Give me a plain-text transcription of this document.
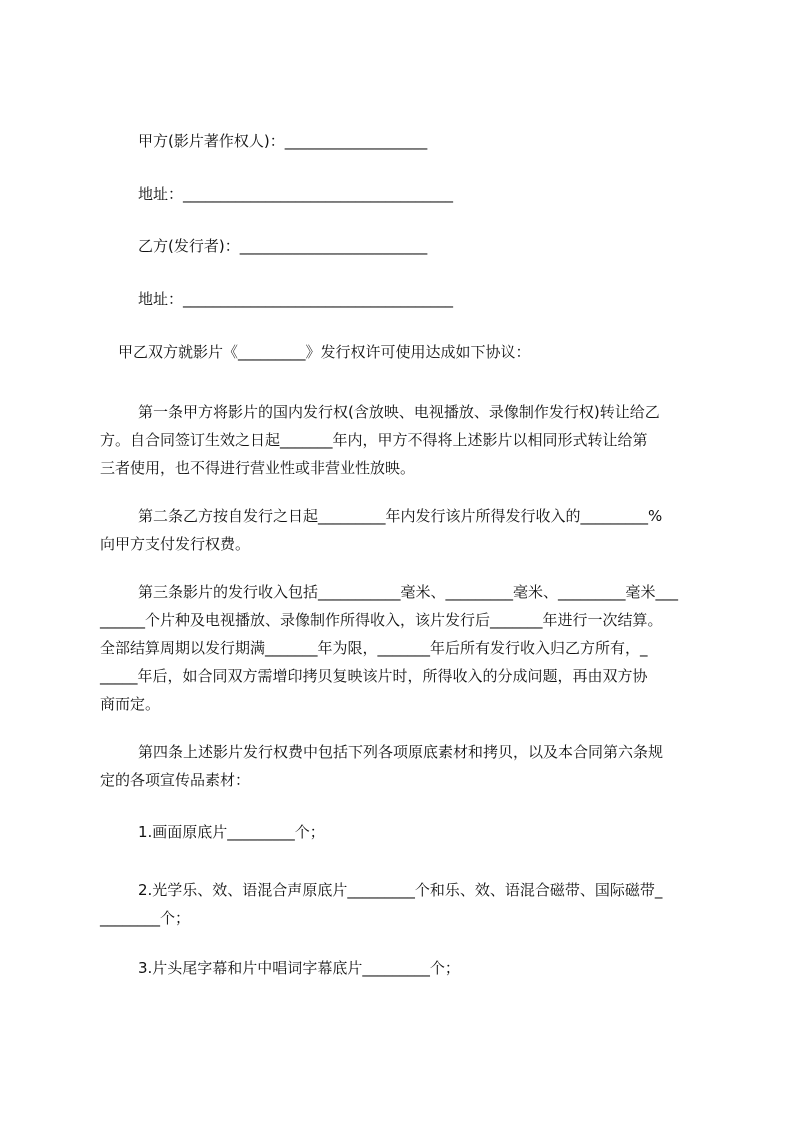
甲方(影片著作权人)：___________________
地址：____________________________________
乙方(发行者)：_________________________
地址：____________________________________
甲乙双方就影片《_________》发行权许可使用达成如下协议：
第一条甲方将影片的国内发行权(含放映、电视播放、录像制作发行权)转让给乙
方。自合同签订生效之日起_______年内，甲方不得将上述影片以相同形式转让给第
三者使用，也不得进行营业性或非营业性放映。
第二条乙方按自发行之日起_________年内发行该片所得发行收入的_________%
向甲方支付发行权费。
第三条影片的发行收入包括___________毫米、_________毫米、_________毫米___
______个片种及电视播放、录像制作所得收入，该片发行后_______年进行一次结算。
全部结算周期以发行期满_______年为限，_______年后所有发行收入归乙方所有，_
_____年后，如合同双方需增印拷贝复映该片时，所得收入的分成问题，再由双方协
商而定。
第四条上述影片发行权费中包括下列各项原底素材和拷贝，以及本合同第六条规
定的各项宣传品素材：
1.画面原底片_________个；
2.光学乐、效、语混合声原底片_________个和乐、效、语混合磁带、国际磁带_
________个；
3.片头尾字幕和片中唱词字幕底片_________个；
